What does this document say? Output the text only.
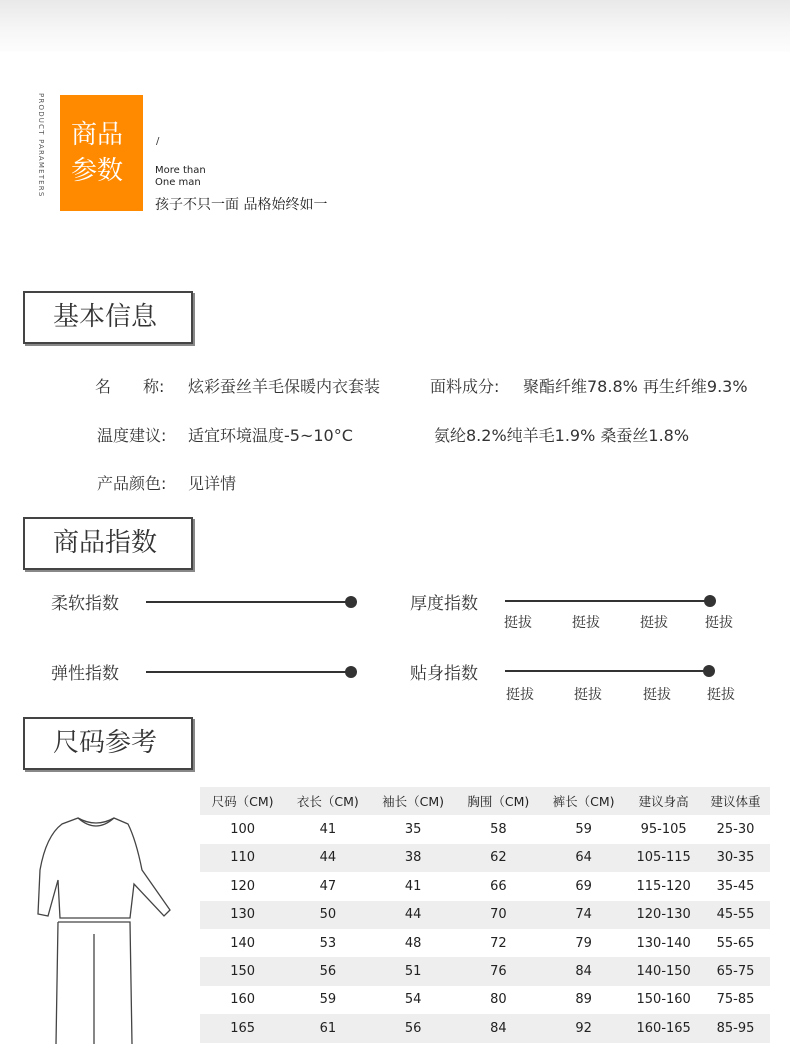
PRODUCT PARAMETERS 商品
参数
/
More than
One man
孩子不只一面 品格始终如一
基本信息
名　　称: 炫彩蚕丝羊毛保暖内衣套装	面料成分: 聚酯纤维78.8% 再生纤维9.3%
温度建议: 适宜环境温度-5~10°C	氨纶8.2%纯羊毛1.9% 桑蚕丝1.8%
产品颜色: 见详情
商品指数
柔软指数	厚度指数
挺拔	挺拔	挺拔	挺拔
弹性指数	贴身指数
挺拔	挺拔	挺拔	挺拔
尺码参考
尺码（CM)	衣长（CM)	袖长（CM)	胸围（CM)	裤长（CM)	建议身高	建议体重
100	41	35	58	59	95-105	25-30
110	44	38	62	64	105-115	30-35
120	47	41	66	69	115-120	35-45
130	50	44	70	74	120-130	45-55
140	53	48	72	79	130-140	55-65
150	56	51	76	84	140-150	65-75
160	59	54	80	89	150-160	75-85
165	61	56	84	92	160-165	85-95
